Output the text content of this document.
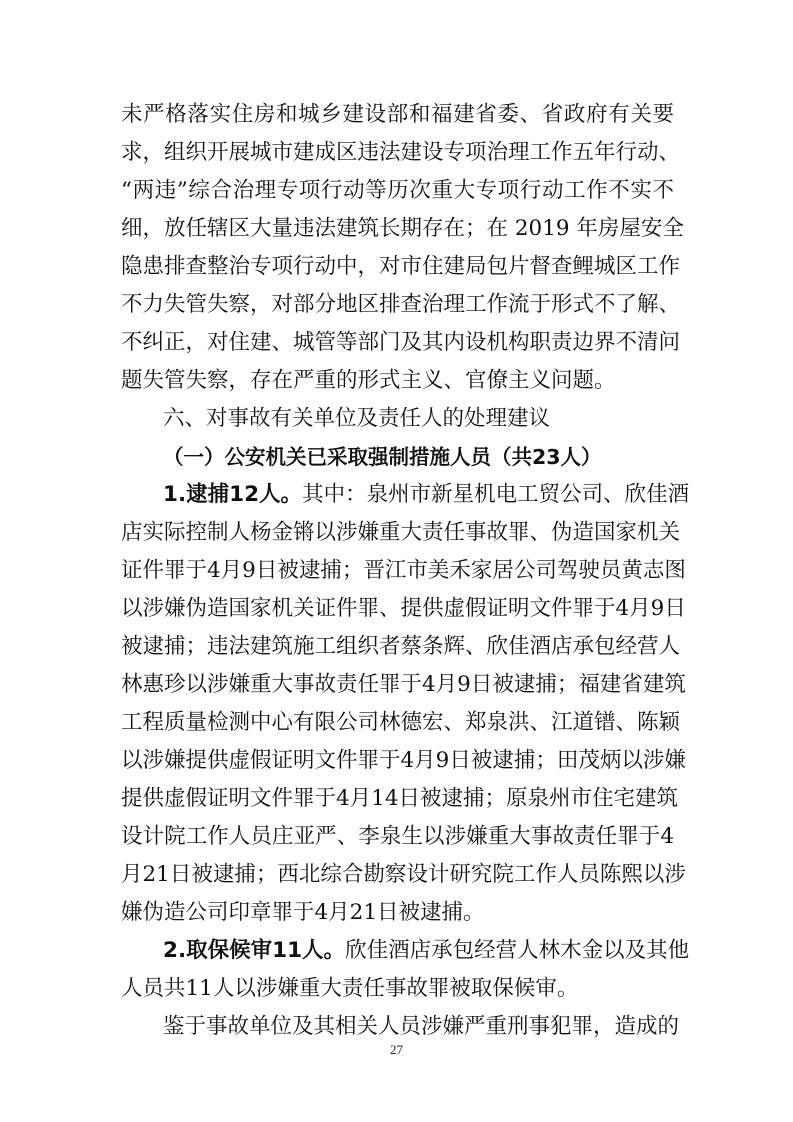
未严格落实住房和城乡建设部和福建省委、省政府有关要
求，组织开展城市建成区违法建设专项治理工作五年行动、
“两违”综合治理专项行动等历次重大专项行动工作不实不
细，放任辖区大量违法建筑长期存在；在 2019 年房屋安全
隐患排查整治专项行动中，对市住建局包片督查鲤城区工作
不力失管失察，对部分地区排查治理工作流于形式不了解、
不纠正，对住建、城管等部门及其内设机构职责边界不清问
题失管失察，存在严重的形式主义、官僚主义问题。
六、对事故有关单位及责任人的处理建议
（一）公安机关已采取强制措施人员（共23人）
1.逮捕12人。其中：泉州市新星机电工贸公司、欣佳酒
店实际控制人杨金锵以涉嫌重大责任事故罪、伪造国家机关
证件罪于4月9日被逮捕；晋江市美禾家居公司驾驶员黄志图
以涉嫌伪造国家机关证件罪、提供虚假证明文件罪于4月9日
被逮捕；违法建筑施工组织者蔡条辉、欣佳酒店承包经营人
林惠珍以涉嫌重大事故责任罪于4月9日被逮捕；福建省建筑
工程质量检测中心有限公司林德宏、郑泉洪、江道镨、陈颖
以涉嫌提供虚假证明文件罪于4月9日被逮捕；田茂炳以涉嫌
提供虚假证明文件罪于4月14日被逮捕；原泉州市住宅建筑
设计院工作人员庄亚严、李泉生以涉嫌重大事故责任罪于4
月21日被逮捕；西北综合勘察设计研究院工作人员陈熙以涉
嫌伪造公司印章罪于4月21日被逮捕。
2.取保候审11人。欣佳酒店承包经营人林木金以及其他
27
人员共11人以涉嫌重大责任事故罪被取保候审。
鉴于事故单位及其相关人员涉嫌严重刑事犯罪，造成的
